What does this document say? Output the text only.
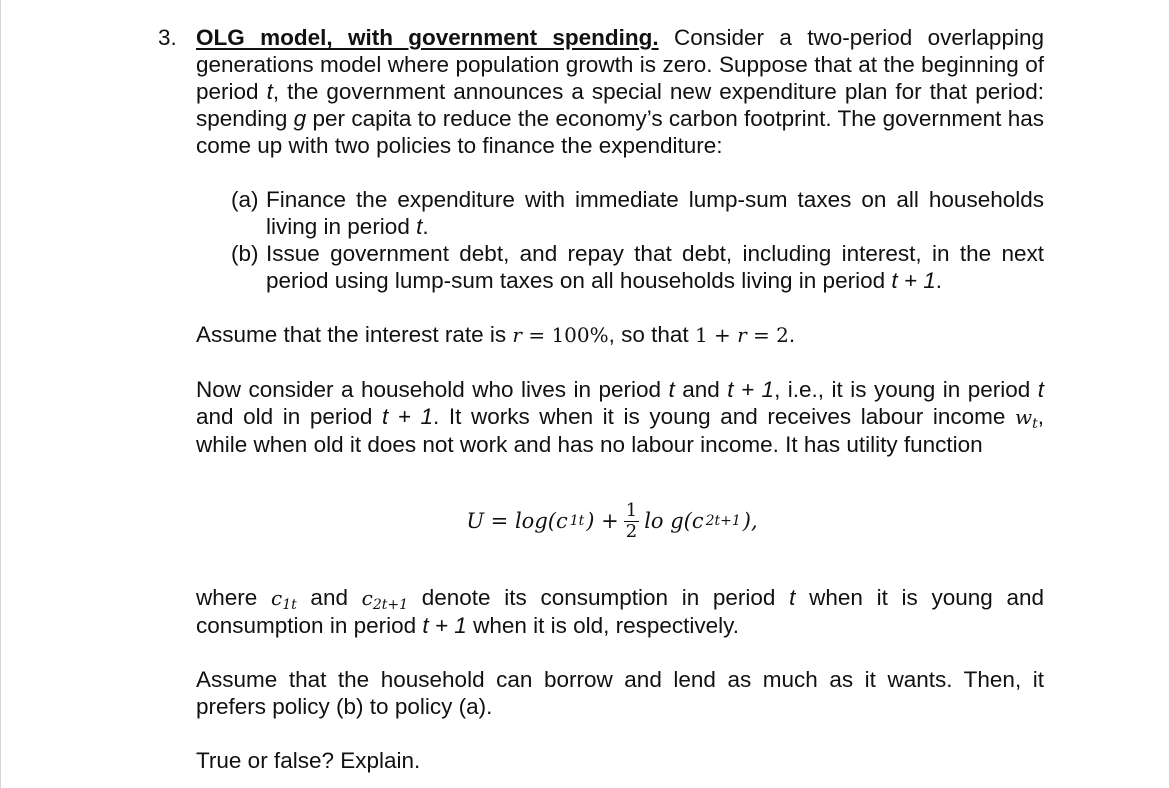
3. OLG model, with government spending. Consider a two-period overlapping generations model where population growth is zero. Suppose that at the beginning of period t, the government announces a special new expenditure plan for that period: spending g per capita to reduce the economy’s carbon footprint. The government has come up with two policies to finance the expenditure:

(a) Finance the expenditure with immediate lump-sum taxes on all households living in period t.

(b) Issue government debt, and repay that debt, including interest, in the next period using lump-sum taxes on all households living in period t + 1.

Assume that the interest rate is r = 100%, so that 1 + r = 2.

Now consider a household who lives in period t and t + 1, i.e., it is young in period t and old in period t + 1. It works when it is young and receives labour income $w_t$, while when old it does not work and has no labour income. It has utility function

U = log(c 1t ) + $\frac{1}{2}$ lo g(c 2t+1 ),

where $c_{1t}$ and $c_{2t+1}$ denote its consumption in period t when it is young and consumption in period t + 1 when it is old, respectively.

Assume that the household can borrow and lend as much as it wants. Then, it prefers policy (b) to policy (a).

True or false? Explain.
